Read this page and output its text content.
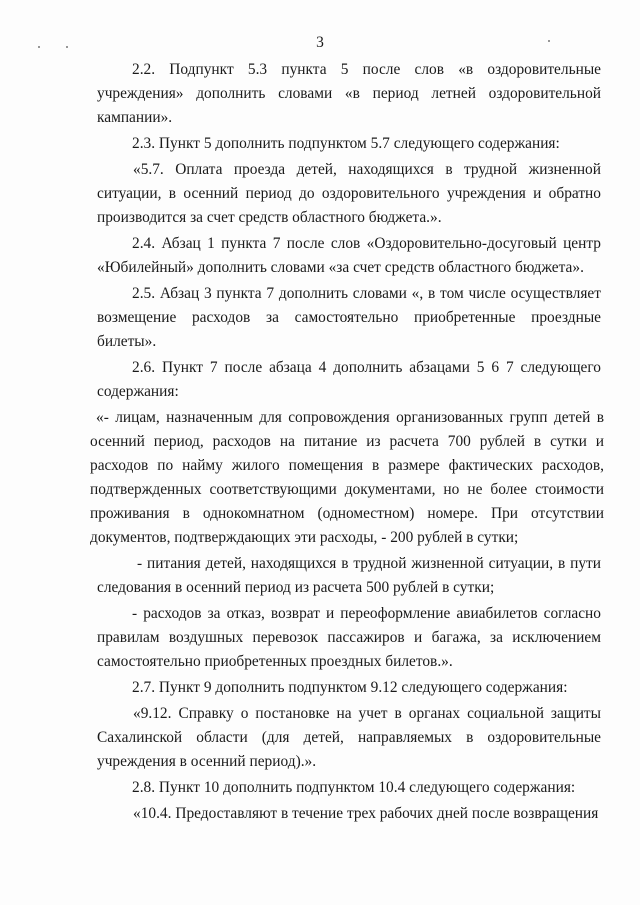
3

2.2. Подпункт 5.3 пункта 5 после слов «в оздоровительные учреждения» дополнить словами «в период летней оздоровительной кампании».

2.3. Пункт 5 дополнить подпунктом 5.7 следующего содержания:

«5.7. Оплата проезда детей, находящихся в трудной жизненной ситуации, в осенний период до оздоровительного учреждения и обратно производится за счет средств областного бюджета.».

2.4. Абзац 1 пункта 7 после слов «Оздоровительно-досуговый центр «Юбилейный» дополнить словами «за счет средств областного бюджета».

2.5. Абзац 3 пункта 7 дополнить словами «, в том числе осуществляет возмещение расходов за самостоятельно приобретенные проездные билеты».

2.6. Пункт 7 после абзаца 4 дополнить абзацами 5 6 7 следующего содержания:

«- лицам, назначенным для сопровождения организованных групп детей в осенний период, расходов на питание из расчета 700 рублей в сутки и расходов по найму жилого помещения в размере фактических расходов, подтвержденных соответствующими документами, но не более стоимости проживания в однокомнатном (одноместном) номере. При отсутствии документов, подтверждающих эти расходы, - 200 рублей в сутки;

- питания детей, находящихся в трудной жизненной ситуации, в пути следования в осенний период из расчета 500 рублей в сутки;

- расходов за отказ, возврат и переоформление авиабилетов согласно правилам воздушных перевозок пассажиров и багажа, за исключением самостоятельно приобретенных проездных билетов.».

2.7. Пункт 9 дополнить подпунктом 9.12 следующего содержания:

«9.12. Справку о постановке на учет в органах социальной защиты Сахалинской области (для детей, направляемых в оздоровительные учреждения в осенний период).».

2.8. Пункт 10 дополнить подпунктом 10.4 следующего содержания:

«10.4. Предоставляют в течение трех рабочих дней после возвращения
